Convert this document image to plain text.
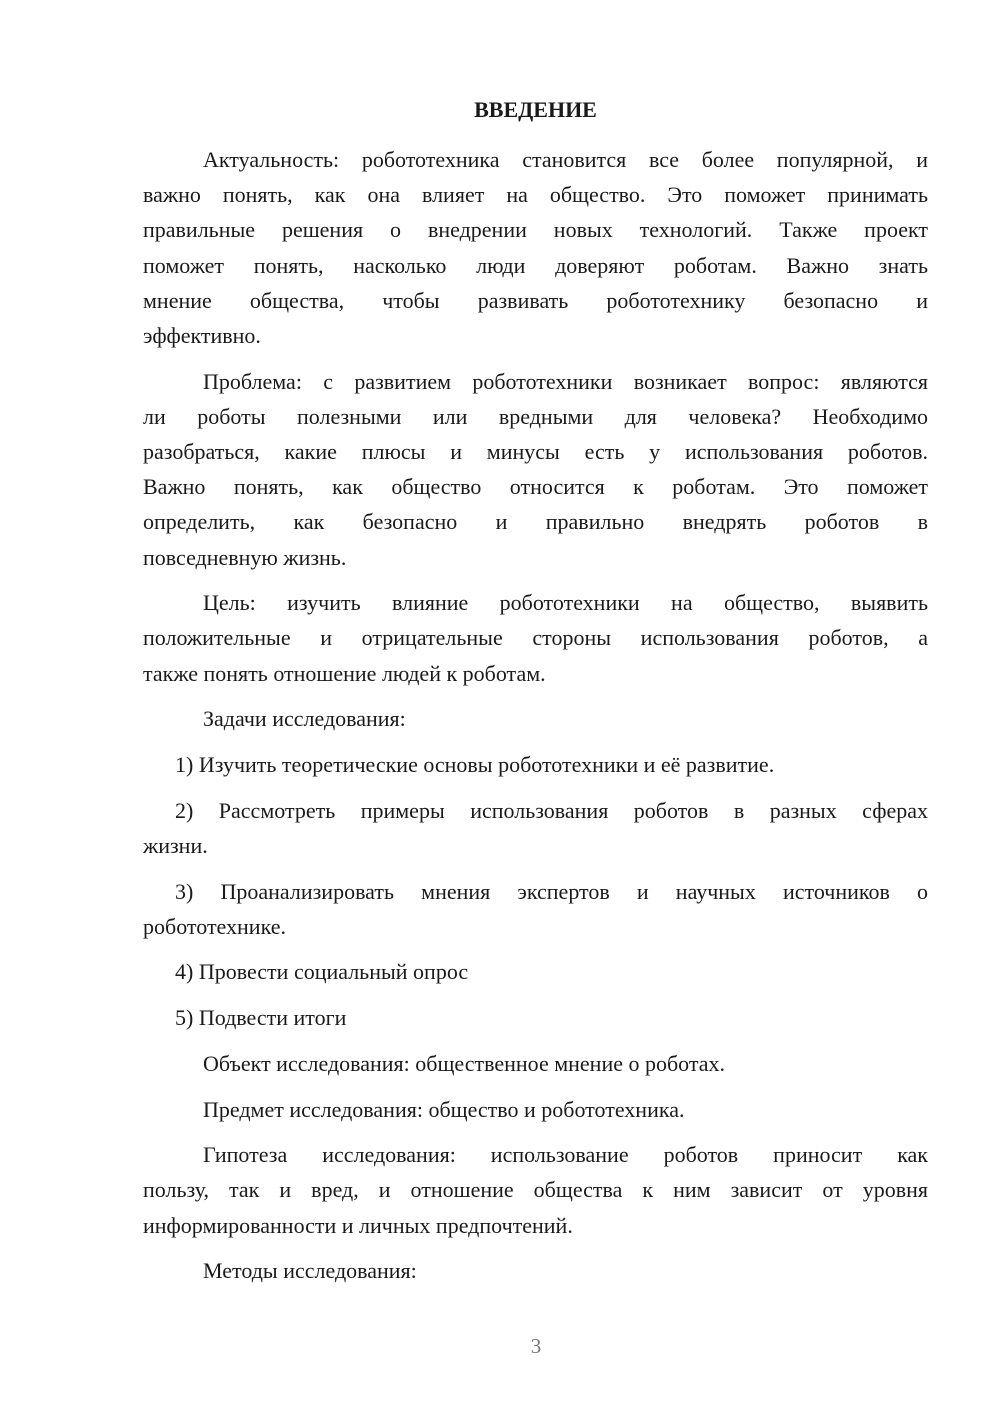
ВВЕДЕНИЕ
Актуальность: робототехника становится все более популярной, и
важно понять, как она влияет на общество. Это поможет принимать
правильные решения о внедрении новых технологий. Также проект
поможет понять, насколько люди доверяют роботам. Важно знать
мнение общества, чтобы развивать робототехнику безопасно и
эффективно.
Проблема: с развитием робототехники возникает вопрос: являются
ли роботы полезными или вредными для человека? Необходимо
разобраться, какие плюсы и минусы есть у использования роботов.
Важно понять, как общество относится к роботам. Это поможет
определить, как безопасно и правильно внедрять роботов в
повседневную жизнь.
Цель: изучить влияние робототехники на общество, выявить
положительные и отрицательные стороны использования роботов, а
также понять отношение людей к роботам.
Задачи исследования:
1) Изучить теоретические основы робототехники и её развитие.
2) Рассмотреть примеры использования роботов в разных сферах
жизни.
3) Проанализировать мнения экспертов и научных источников о
робототехнике.
4) Провести социальный опрос
5) Подвести итоги
Объект исследования: общественное мнение о роботах.
Предмет исследования: общество и робототехника.
Гипотеза исследования: использование роботов приносит как
пользу, так и вред, и отношение общества к ним зависит от уровня
информированности и личных предпочтений.
Методы исследования:
3
